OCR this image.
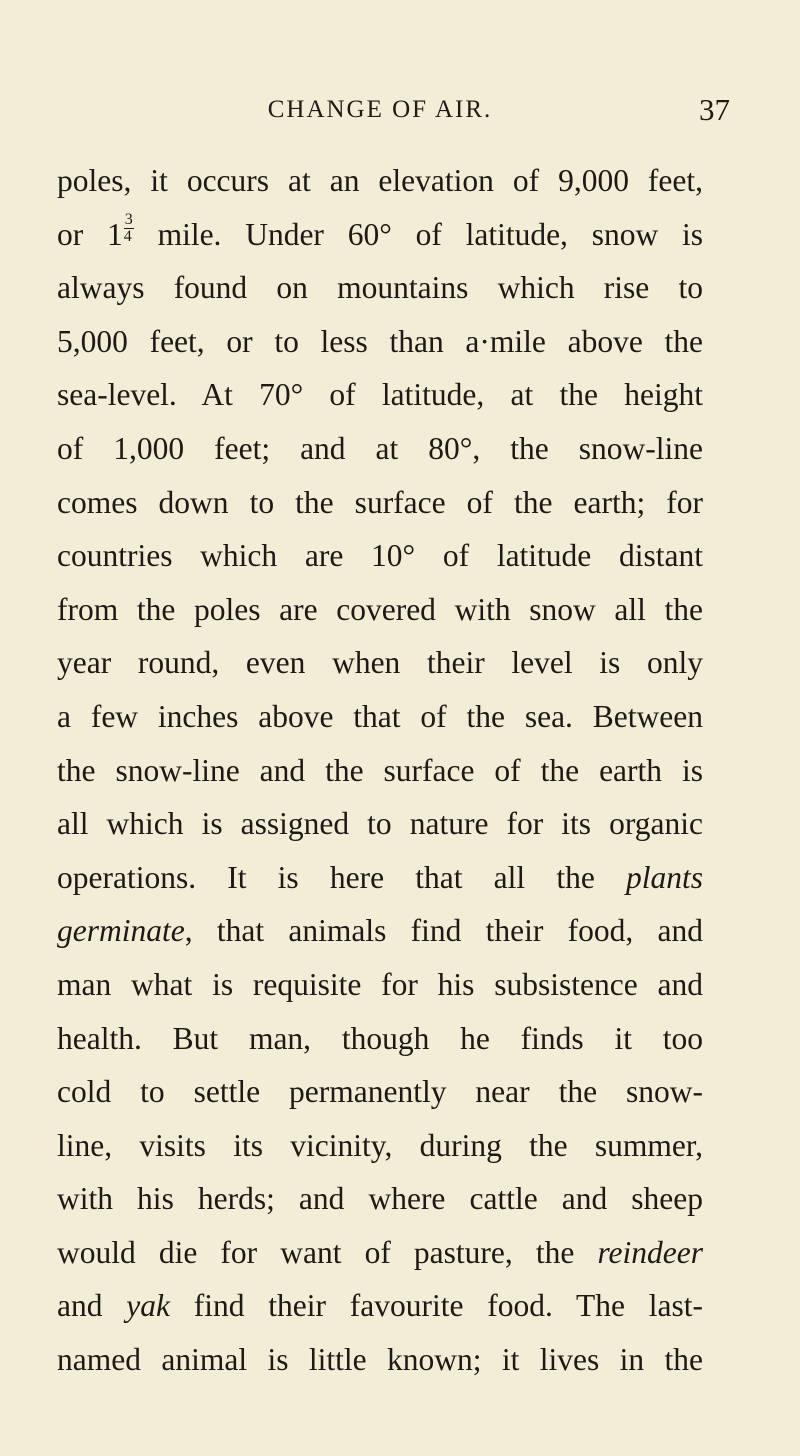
CHANGE OF AIR.	37
poles, it occurs at an elevation of 9,000 feet,
or $1 \frac{3}{4}$ mile. Under 60° of latitude, snow is
always found on mountains which rise to
5,000 feet, or to less than a·mile above the
sea-level. At 70° of latitude, at the height
of 1,000 feet; and at 80°, the snow-line
comes down to the surface of the earth; for
countries which are 10° of latitude distant
from the poles are covered with snow all the
year round, even when their level is only
a few inches above that of the sea. Between
the snow-line and the surface of the earth is
all which is assigned to nature for its organic
operations. It is here that all the plants
germinate, that animals find their food, and
man what is requisite for his subsistence and
health. But man, though he finds it too
cold to settle permanently near the snow-
line, visits its vicinity, during the summer,
with his herds; and where cattle and sheep
would die for want of pasture, the reindeer
and yak find their favourite food. The last-
named animal is little known; it lives in the
